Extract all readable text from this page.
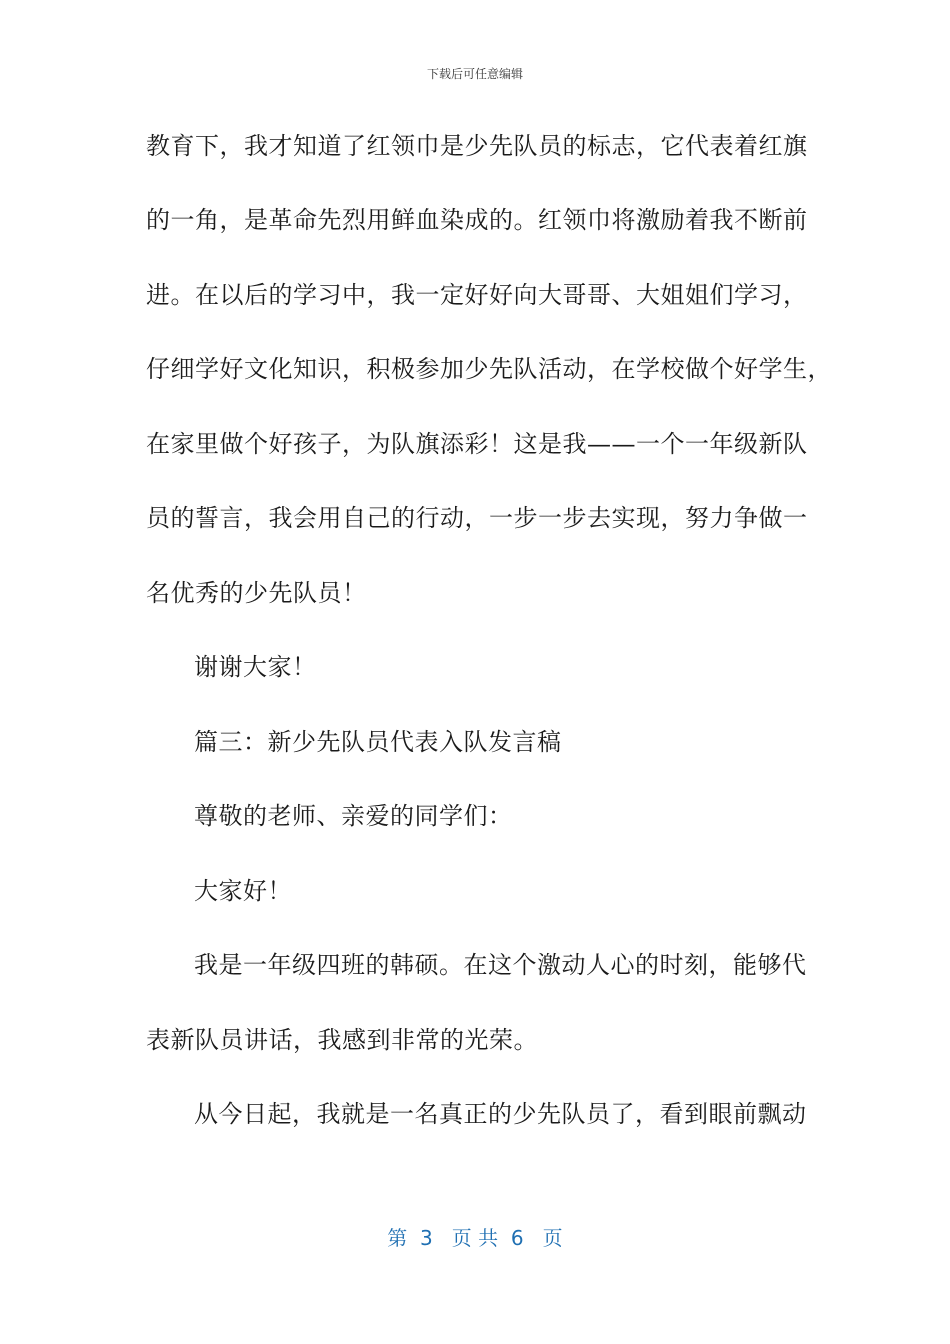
下载后可任意编辑
教育下，我才知道了红领巾是少先队员的标志，它代表着红旗
的一角，是革命先烈用鲜血染成的。红领巾将激励着我不断前
进。在以后的学习中，我一定好好向大哥哥、大姐姐们学习，
仔细学好文化知识，积极参加少先队活动，在学校做个好学生，
在家里做个好孩子，为队旗添彩！这是我——一个一年级新队
员的誓言，我会用自己的行动，一步一步去实现，努力争做一
名优秀的少先队员！
谢谢大家！
篇三：新少先队员代表入队发言稿
尊敬的老师、亲爱的同学们：
大家好！
我是一年级四班的韩硕。在这个激动人心的时刻，能够代
表新队员讲话，我感到非常的光荣。
从今日起，我就是一名真正的少先队员了，看到眼前飘动
第  3   页 共  6   页
